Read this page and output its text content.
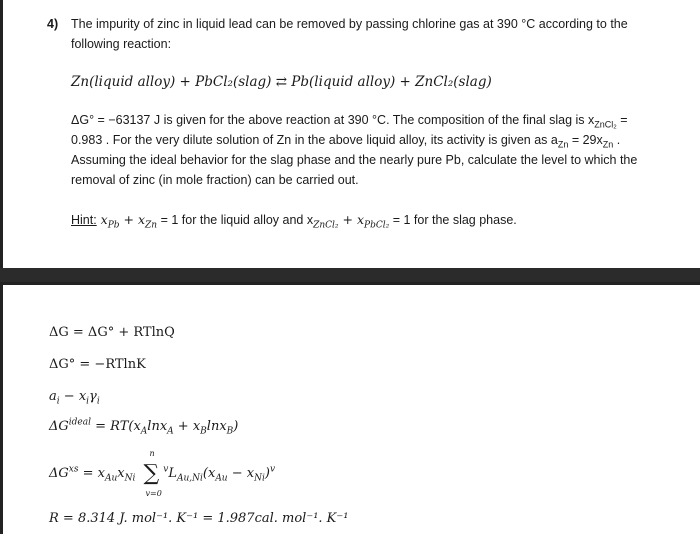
4) The impurity of zinc in liquid lead can be removed by passing chlorine gas at 390 °C according to the
following reaction:
Zn(liquid alloy) + PbCl₂(slag) ⇄ Pb(liquid alloy) + ZnCl₂(slag)
ΔG° = −63137 J is given for the above reaction at 390 °C. The composition of the final slag is $x_{ZnCl_2}$ =
0.983 . For the very dilute solution of Zn in the above liquid alloy, its activity is given as $a_{Zn} = 29x_{Zn}$ .
Assuming the ideal behavior for the slag phase and the nearly pure Pb, calculate the level to which the
removal of zinc (in mole fraction) can be carried out.
Hint: $x_{Pb} + x_{Zn} = 1$ for the liquid alloy and $x_{ZnCl_2} + x_{PbCl_2} = 1$ for the slag phase.
ΔG = ΔG° + RTlnQ
ΔG° = −RTlnK
$a_i - x_i\gamma_i$
$\Delta G^{ideal} = RT(x_A\ln x_A + x_B\ln x_B)$
$\Delta G^{xs} = x_{Au}x_{Ni}$ ∑
n
v=0
$^vL_{Au,Ni}(x_{Au} - x_{Ni})^v$
R = 8.314 J. mol⁻¹. K⁻¹ = 1.987cal. mol⁻¹. K⁻¹
